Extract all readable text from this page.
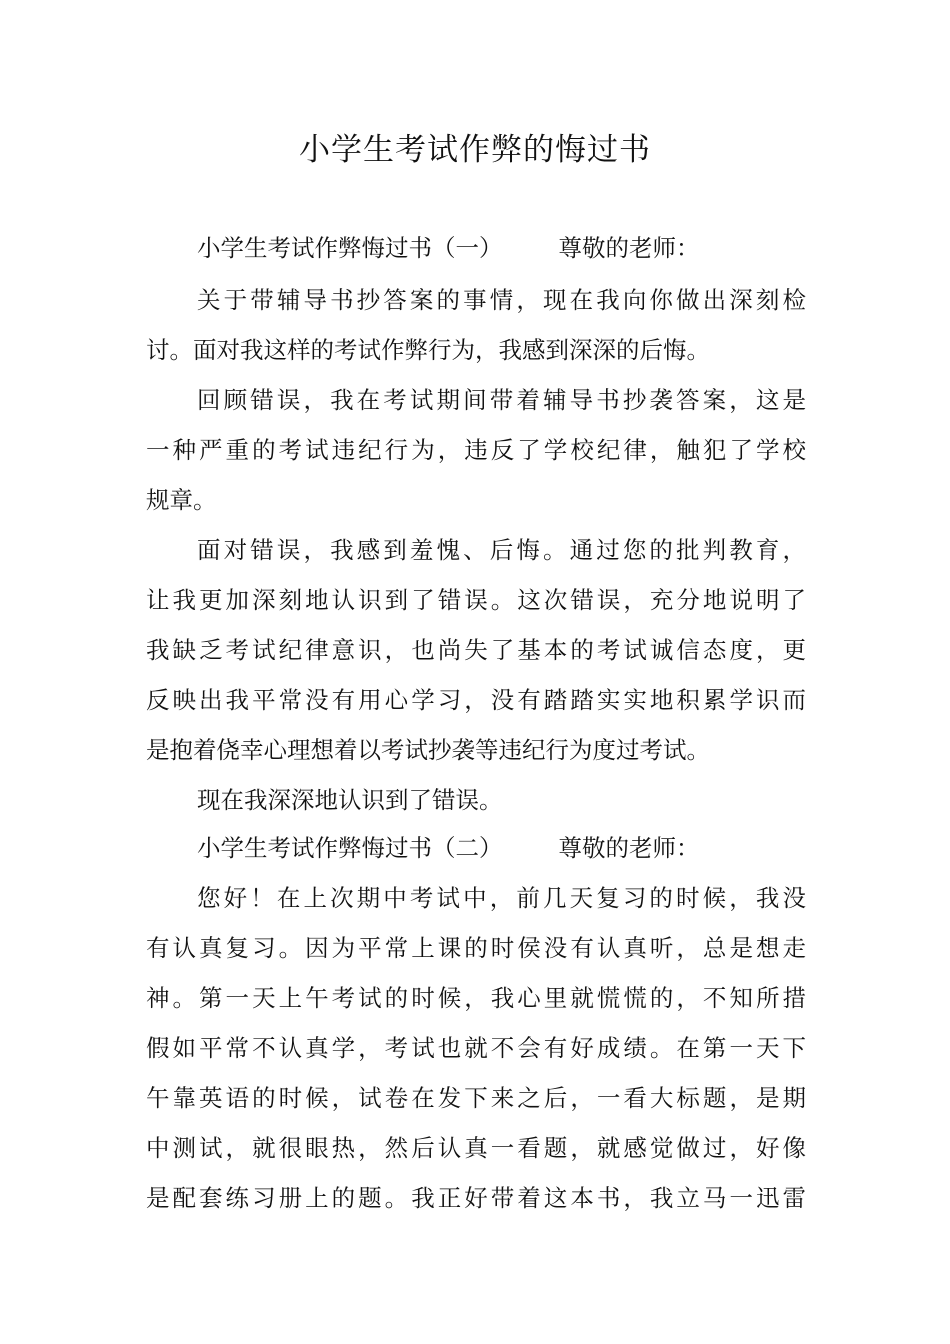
小学生考试作弊的悔过书
小学生考试作弊悔过书（一） 尊敬的老师：
关于带辅导书抄答案的事情，现在我向你做出深刻检
讨。面对我这样的考试作弊行为，我感到深深的后悔。
回顾错误，我在考试期间带着辅导书抄袭答案，这是
一种严重的考试违纪行为，违反了学校纪律，触犯了学校
规章。
面对错误，我感到羞愧、后悔。通过您的批判教育，
让我更加深刻地认识到了错误。这次错误，充分地说明了
我缺乏考试纪律意识，也尚失了基本的考试诚信态度，更
反映出我平常没有用心学习，没有踏踏实实地积累学识而
是抱着侥幸心理想着以考试抄袭等违纪行为度过考试。
现在我深深地认识到了错误。
小学生考试作弊悔过书（二） 尊敬的老师：
您好！在上次期中考试中，前几天复习的时候，我没
有认真复习。因为平常上课的时侯没有认真听，总是想走
神。第一天上午考试的时候，我心里就慌慌的，不知所措
假如平常不认真学，考试也就不会有好成绩。在第一天下
午靠英语的时候，试卷在发下来之后，一看大标题，是期
中测试，就很眼热，然后认真一看题，就感觉做过，好像
是配套练习册上的题。我正好带着这本书，我立马一迅雷
